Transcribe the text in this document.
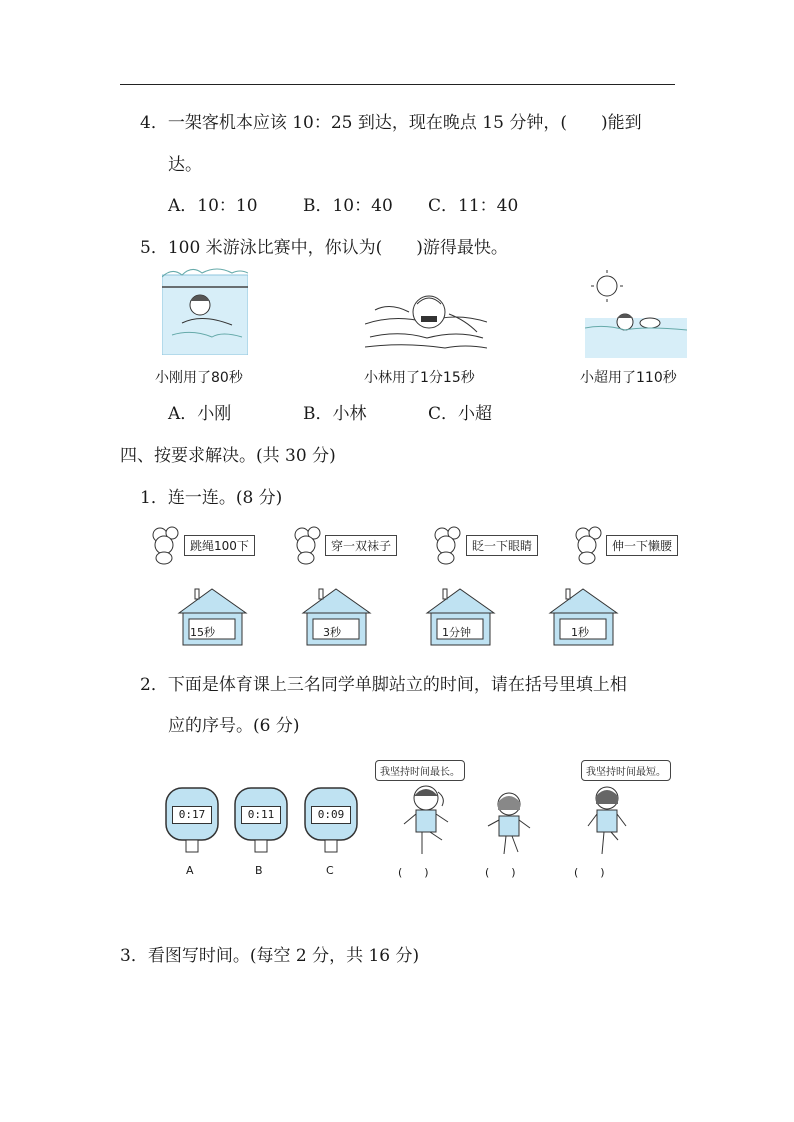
4．一架客机本应该 10：25 到达，现在晚点 15 分钟，(　　)能到
达。
A．10：10	B．10：40 C．11：40
5．100 米游泳比赛中，你认为(　　)游得最快。
小刚用了80秒	小林用了1分15秒	小超用了110秒
A．小刚	B．小林	C．小超
四、按要求解决。(共 30 分)
1．连一连。(8 分)
跳绳100下	穿一双袜子	眨一下眼睛	伸一下懒腰
15秒	3秒	1分钟	1秒
2．下面是体育课上三名同学单脚站立的时间，请在括号里填上相
应的序号。(6 分)
0:17
A
0:11
B
0:09
C
我坚持时间最长。	我坚持时间最短。
(　　)	(　　)	(　　)
3．看图写时间。(每空 2 分，共 16 分)
